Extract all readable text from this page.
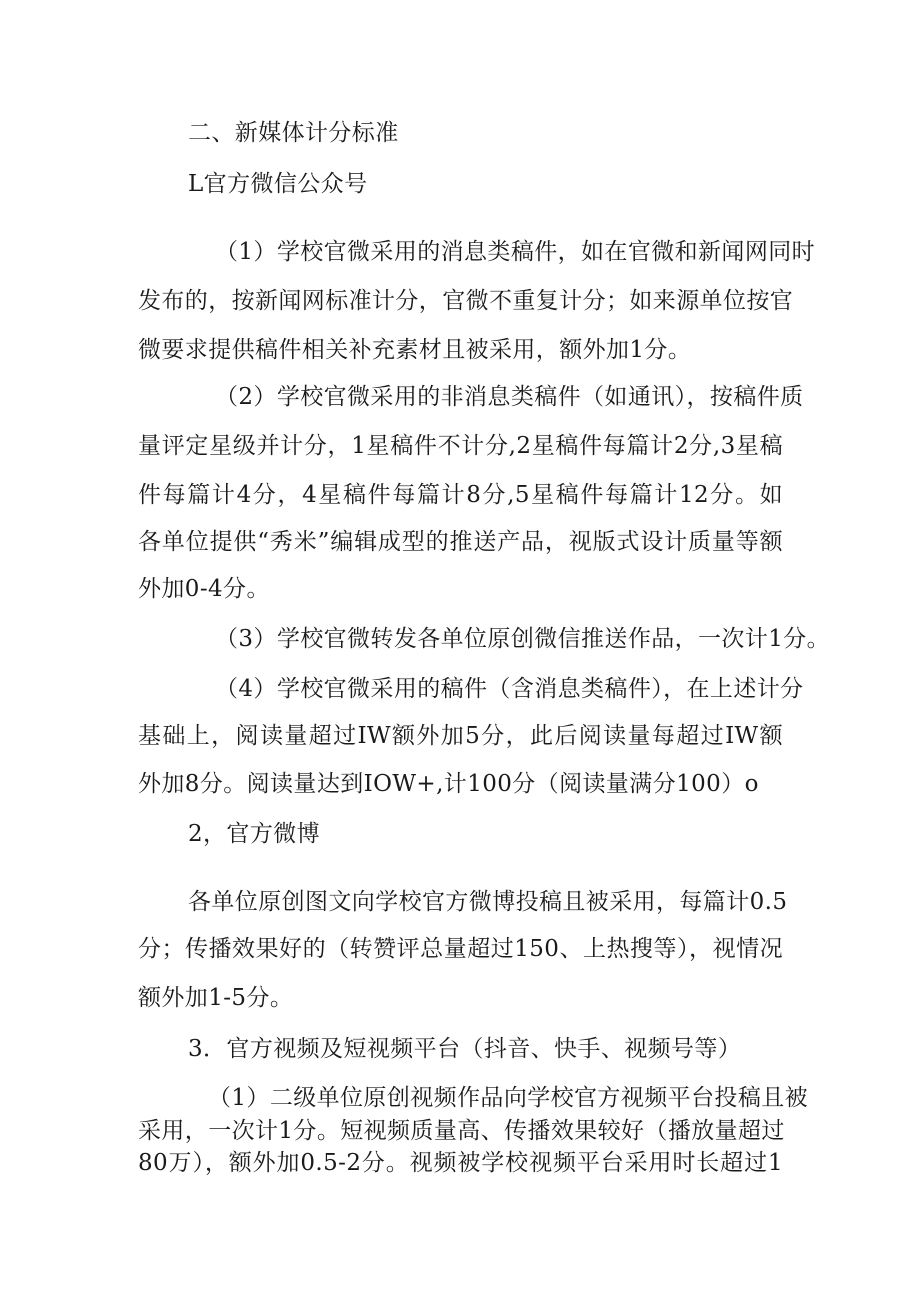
二、新媒体计分标准
L官方微信公众号
（1）学校官微采用的消息类稿件，如在官微和新闻网同时
发布的，按新闻网标准计分，官微不重复计分；如来源单位按官
微要求提供稿件相关补充素材且被采用，额外加1分。
（2）学校官微采用的非消息类稿件（如通讯），按稿件质
量评定星级并计分，1星稿件不计分,2星稿件每篇计2分,3星稿
件每篇计4分，4星稿件每篇计8分,5星稿件每篇计12分。如
各单位提供“秀米”编辑成型的推送产品，视版式设计质量等额
外加0-4分。
（3）学校官微转发各单位原创微信推送作品，一次计1分。
（4）学校官微采用的稿件（含消息类稿件），在上述计分
基础上，阅读量超过IW额外加5分，此后阅读量每超过IW额
外加8分。阅读量达到IOW+,计100分（阅读量满分100）o
2，官方微博
各单位原创图文向学校官方微博投稿且被采用，每篇计0.5
分；传播效果好的（转赞评总量超过150、上热搜等），视情况
额外加1-5分。
3．官方视频及短视频平台（抖音、快手、视频号等）
（1）二级单位原创视频作品向学校官方视频平台投稿且被
采用，一次计1分。短视频质量高、传播效果较好（播放量超过
80万），额外加0.5-2分。视频被学校视频平台采用时长超过1
